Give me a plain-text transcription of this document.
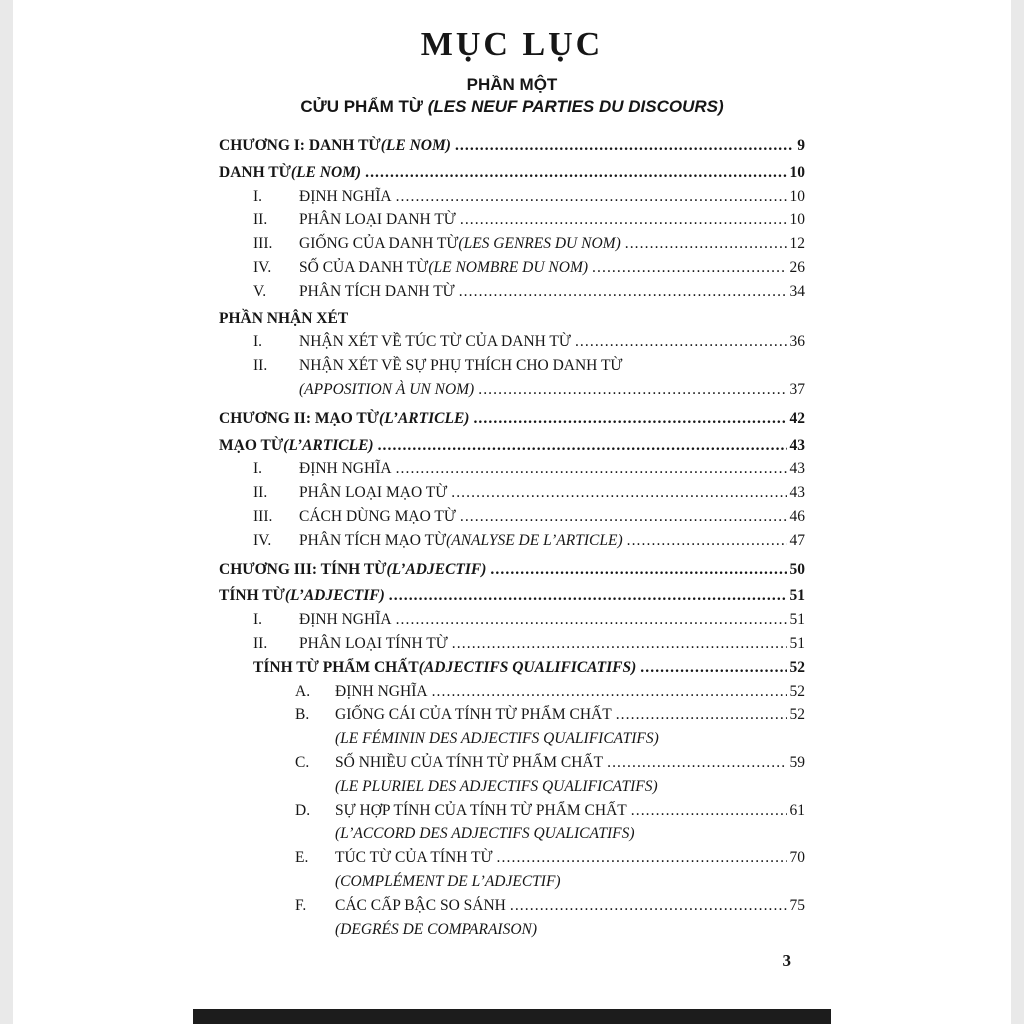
MỤC LỤC
PHẦN MỘT
CỬU PHẨM TỪ (LES NEUF PARTIES DU DISCOURS)
CHƯƠNG I: DANH TỪ (LE NOM) .....	9
DANH TỪ (LE NOM) .....	10
I.	ĐỊNH NGHĨA .....	10
II.	PHÂN LOẠI DANH TỪ .....	10
III.	GIỐNG CỦA DANH TỪ (LES GENRES DU NOM) .....	12
IV.	SỐ CỦA DANH TỪ (LE NOMBRE DU NOM) .....	26
V.	PHÂN TÍCH DANH TỪ .....	34
PHẦN NHẬN XÉT
I.	NHẬN XÉT VỀ TÚC TỪ CỦA DANH TỪ .....	36
II.	NHẬN XÉT VỀ SỰ PHỤ THÍCH CHO DANH TỪ
(APPOSITION À UN NOM) .....	37
CHƯƠNG II: MẠO TỪ (L’ARTICLE) .....	42
MẠO TỪ (L’ARTICLE) .....	43
I.	ĐỊNH NGHĨA .....	43
II.	PHÂN LOẠI MẠO TỪ .....	43
III.	CÁCH DÙNG MẠO TỪ .....	46
IV.	PHÂN TÍCH MẠO TỪ (ANALYSE DE L’ARTICLE) .....	47
CHƯƠNG III: TÍNH TỪ (L’ADJECTIF) .....	50
TÍNH TỪ (L’ADJECTIF) .....	51
I.	ĐỊNH NGHĨA .....	51
II.	PHÂN LOẠI TÍNH TỪ .....	51
TÍNH TỪ PHẨM CHẤT (ADJECTIFS QUALIFICATIFS) .....	52
A.	ĐỊNH NGHĨA .....	52
B.	GIỐNG CÁI CỦA TÍNH TỪ PHẨM CHẤT .....	52
(LE FÉMININ DES ADJECTIFS QUALIFICATIFS)
C.	SỐ NHIỀU CỦA TÍNH TỪ PHẨM CHẤT .....	59
(LE PLURIEL DES ADJECTIFS QUALIFICATIFS)
D.	SỰ HỢP TÍNH CỦA TÍNH TỪ PHẨM CHẤT .....	61
(L’ACCORD DES ADJECTIFS QUALICATIFS)
E.	TÚC TỪ CỦA TÍNH TỪ .....	70
(COMPLÉMENT DE L’ADJECTIF)
F.	CÁC CẤP BẬC SO SÁNH .....	75
(DEGRÉS DE COMPARAISON)
3
